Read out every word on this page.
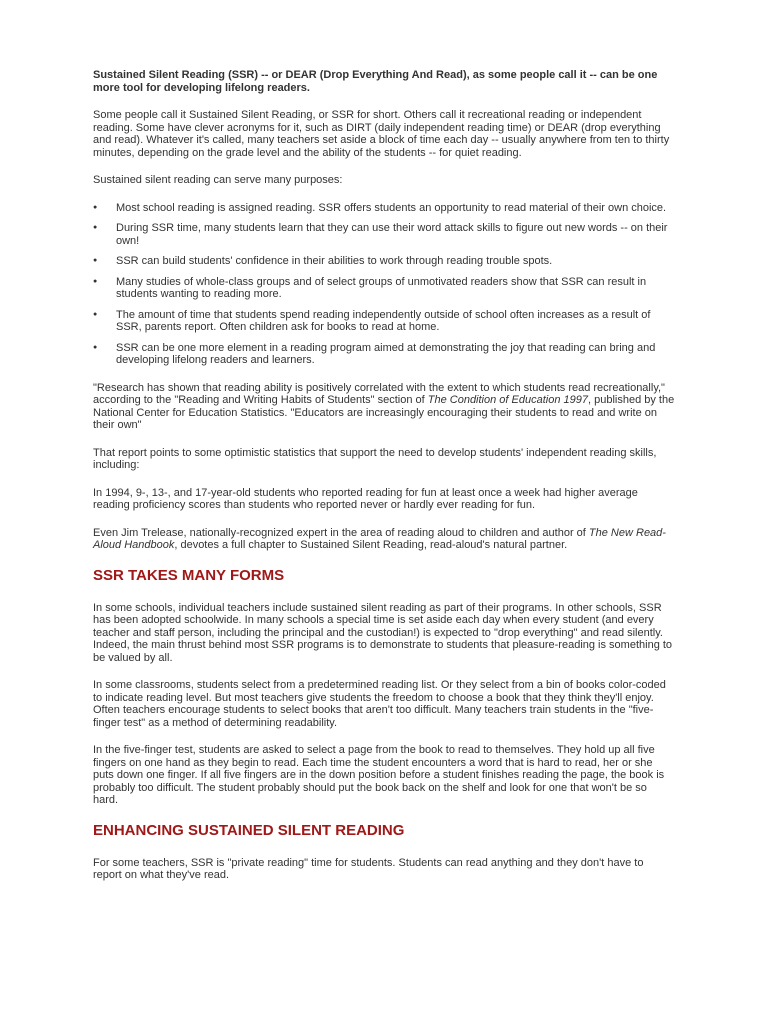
Sustained Silent Reading (SSR) -- or DEAR (Drop Everything And Read), as some people call it -- can be one more tool for developing lifelong readers.

Some people call it Sustained Silent Reading, or SSR for short. Others call it recreational reading or independent reading. Some have clever acronyms for it, such as DIRT (daily independent reading time) or DEAR (drop everything and read). Whatever it's called, many teachers set aside a block of time each day -- usually anywhere from ten to thirty minutes, depending on the grade level and the ability of the students -- for quiet reading.

Sustained silent reading can serve many purposes:

● Most school reading is assigned reading. SSR offers students an opportunity to read material of their own choice.
● During SSR time, many students learn that they can use their word attack skills to figure out new words -- on their own!
● SSR can build students' confidence in their abilities to work through reading trouble spots.
● Many studies of whole-class groups and of select groups of unmotivated readers show that SSR can result in students wanting to reading more.
● The amount of time that students spend reading independently outside of school often increases as a result of SSR, parents report. Often children ask for books to read at home.
● SSR can be one more element in a reading program aimed at demonstrating the joy that reading can bring and developing lifelong readers and learners.

"Research has shown that reading ability is positively correlated with the extent to which students read recreationally," according to the "Reading and Writing Habits of Students" section of The Condition of Education 1997, published by the National Center for Education Statistics. "Educators are increasingly encouraging their students to read and write on their own"

That report points to some optimistic statistics that support the need to develop students' independent reading skills, including:

In 1994, 9-, 13-, and 17-year-old students who reported reading for fun at least once a week had higher average reading proficiency scores than students who reported never or hardly ever reading for fun.

Even Jim Trelease, nationally-recognized expert in the area of reading aloud to children and author of The New Read-Aloud Handbook, devotes a full chapter to Sustained Silent Reading, read-aloud's natural partner.

SSR TAKES MANY FORMS

In some schools, individual teachers include sustained silent reading as part of their programs. In other schools, SSR has been adopted schoolwide. In many schools a special time is set aside each day when every student (and every teacher and staff person, including the principal and the custodian!) is expected to "drop everything" and read silently. Indeed, the main thrust behind most SSR programs is to demonstrate to students that pleasure-reading is something to be valued by all.

In some classrooms, students select from a predetermined reading list. Or they select from a bin of books color-coded to indicate reading level. But most teachers give students the freedom to choose a book that they think they'll enjoy. Often teachers encourage students to select books that aren't too difficult. Many teachers train students in the "five-finger test" as a method of determining readability.

In the five-finger test, students are asked to select a page from the book to read to themselves. They hold up all five fingers on one hand as they begin to read. Each time the student encounters a word that is hard to read, her or she puts down one finger. If all five fingers are in the down position before a student finishes reading the page, the book is probably too difficult. The student probably should put the book back on the shelf and look for one that won't be so hard.

ENHANCING SUSTAINED SILENT READING

For some teachers, SSR is "private reading" time for students. Students can read anything and they don't have to report on what they've read.
